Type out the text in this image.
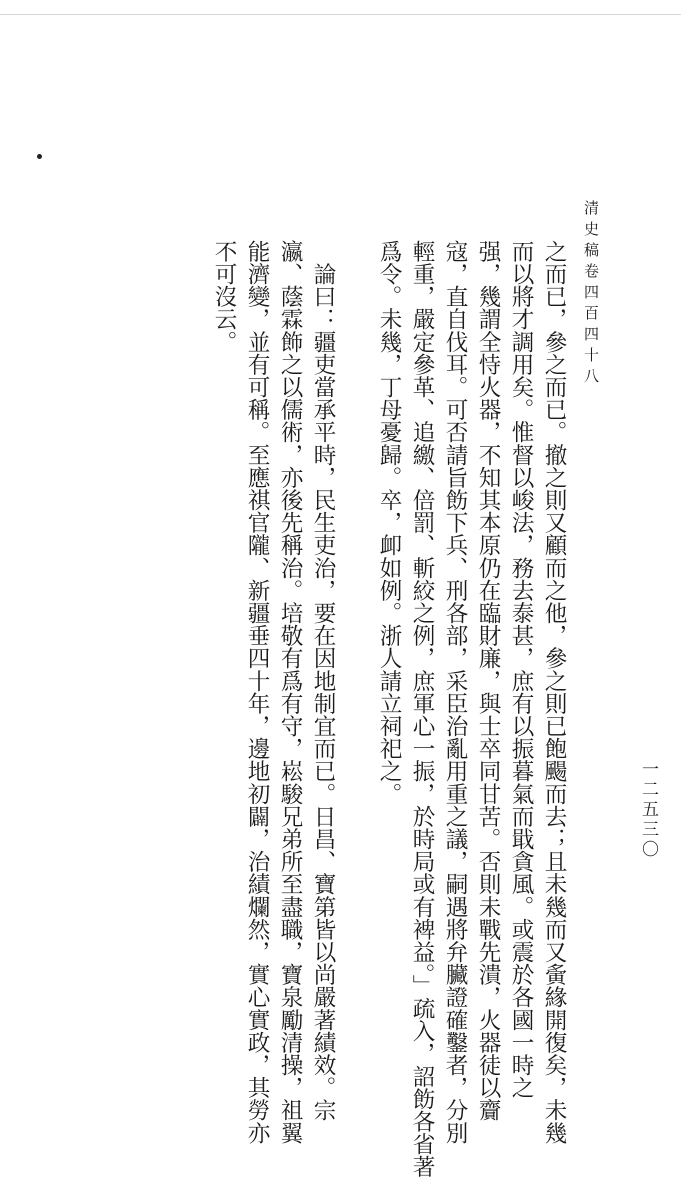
清史稿卷四百四十八
一二五三〇
之而已，參之而已。撤之則又顧而之他，參之則已飽颺而去；且未幾而又夤緣開復矣，未幾
而以將才調用矣。惟督以峻法，務去泰甚，庶有以振暮氣而戢貪風。或震於各國一時之
强，幾謂全恃火器，不知其本原仍在臨財廉，與士卒同甘苦。否則未戰先潰，火器徒以齎
寇，直自伐耳。可否請旨飭下兵、刑各部，采臣治亂用重之議，嗣遇將弁臟證確鑿者，分別
輕重，嚴定參革、追繳、倍罰、斬絞之例，庶軍心一振，於時局或有裨益。」疏入，詔飭各省著
爲令。未幾，丁母憂歸。卒，卹如例。浙人請立祠祀之。
　論曰：疆吏當承平時，民生吏治，要在因地制宜而已。日昌、寶第皆以尚嚴著績效。宗
瀛、蔭霖飾之以儒術，亦後先稱治。培敬有爲有守，崧駿兄弟所至盡職，寶泉勵清操，祖翼
能濟變，並有可稱。至應祺官隴、新疆垂四十年，邊地初闢，治績爛然，實心實政，其勞亦
不可沒云。
